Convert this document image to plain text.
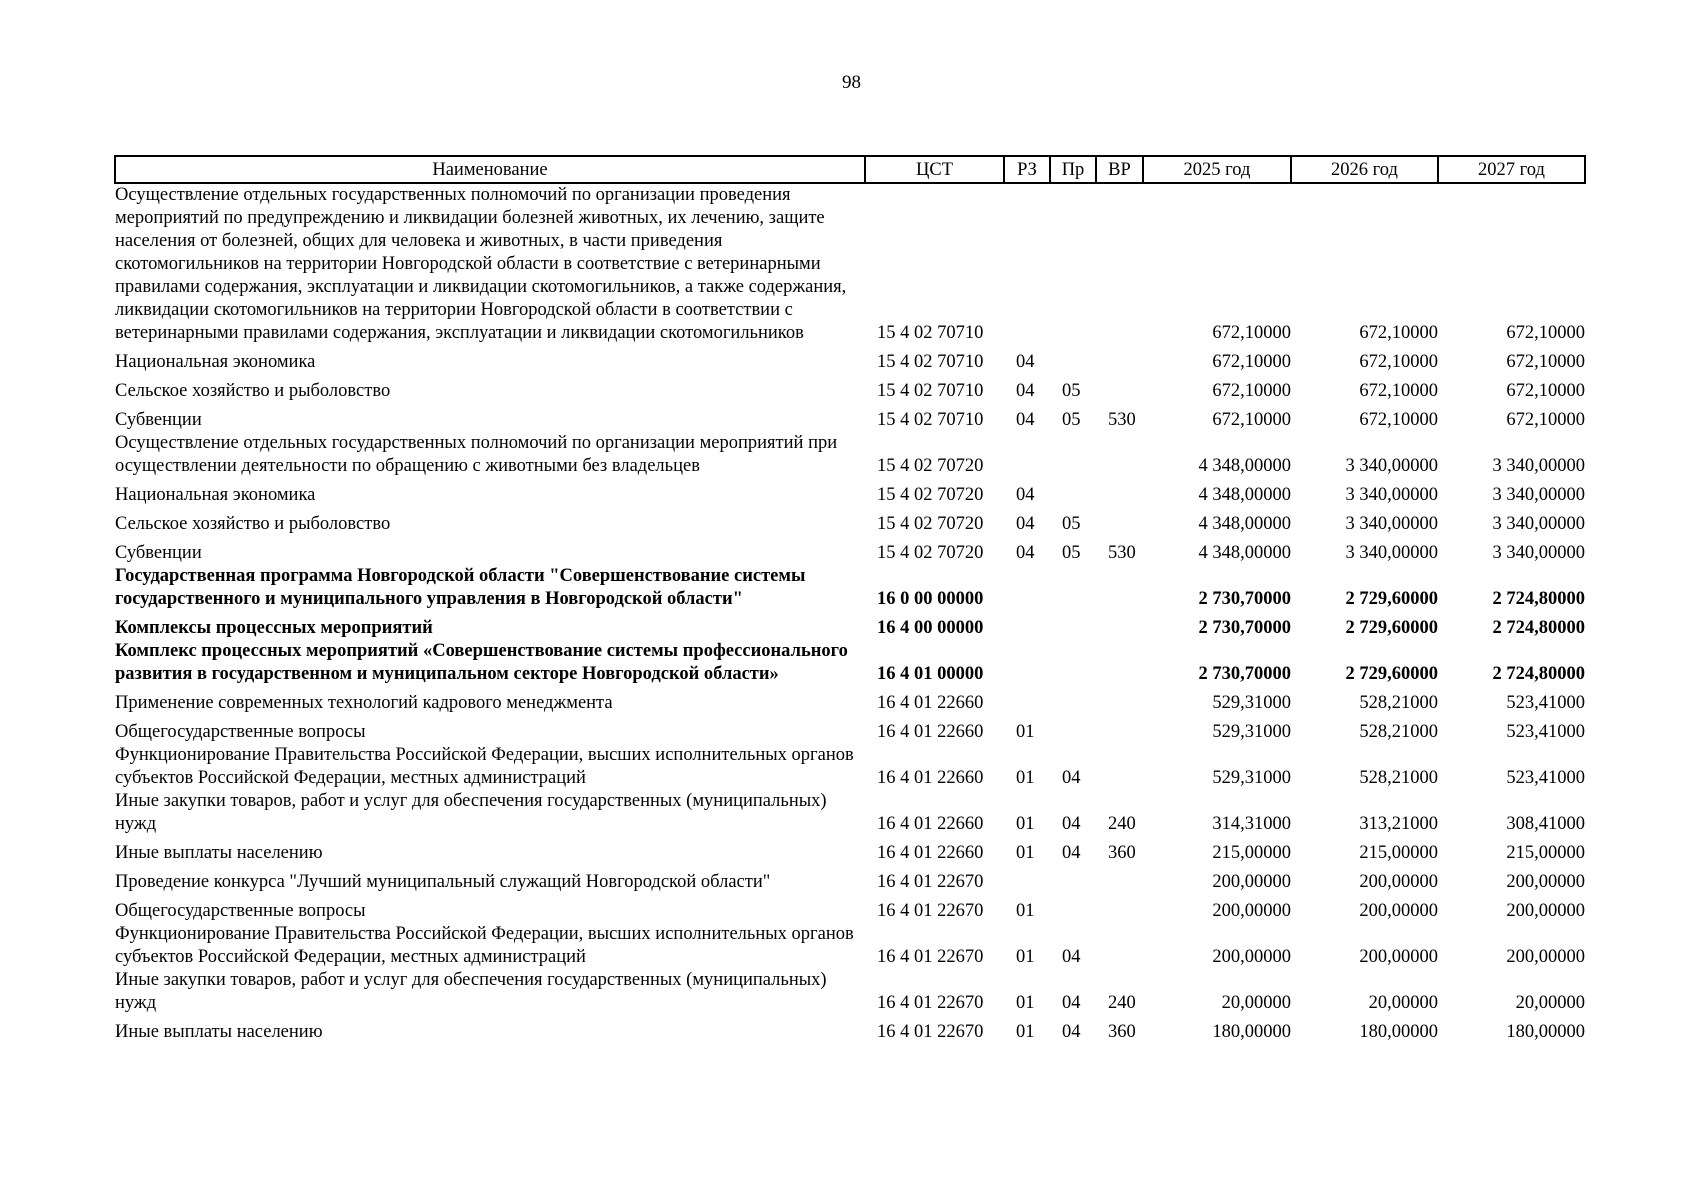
98
Наименование	ЦСТ	РЗ	Пр	ВР	2025 год	2026 год	2027 год
Осуществление отдельных государственных полномочий по организации проведения мероприятий по предупреждению и ликвидации болезней животных, их лечению, защите населения от болезней, общих для человека и животных, в части приведения скотомогильников на территории Новгородской области в соответствие с ветеринарными правилами содержания, эксплуатации и ликвидации скотомогильников, а также содержания, ликвидации скотомогильников на территории Новгородской области в соответствии с ветеринарными правилами содержания, эксплуатации и ликвидации скотомогильников	15 4 02 70710				672,10000	672,10000	672,10000
Национальная экономика	15 4 02 70710	04			672,10000	672,10000	672,10000
Сельское хозяйство и рыболовство	15 4 02 70710	04	05		672,10000	672,10000	672,10000
Субвенции	15 4 02 70710	04	05	530	672,10000	672,10000	672,10000
Осуществление отдельных государственных полномочий по организации мероприятий при осуществлении деятельности по обращению с животными без владельцев	15 4 02 70720				4 348,00000	3 340,00000	3 340,00000
Национальная экономика	15 4 02 70720	04			4 348,00000	3 340,00000	3 340,00000
Сельское хозяйство и рыболовство	15 4 02 70720	04	05		4 348,00000	3 340,00000	3 340,00000
Субвенции	15 4 02 70720	04	05	530	4 348,00000	3 340,00000	3 340,00000
Государственная программа Новгородской области "Совершенствование системы государственного и муниципального управления в Новгородской области"	16 0 00 00000				2 730,70000	2 729,60000	2 724,80000
Комплексы процессных мероприятий	16 4 00 00000				2 730,70000	2 729,60000	2 724,80000
Комплекс процессных мероприятий «Совершенствование системы профессионального развития в государственном и муниципальном секторе Новгородской области»	16 4 01 00000				2 730,70000	2 729,60000	2 724,80000
Применение современных технологий кадрового менеджмента	16 4 01 22660				529,31000	528,21000	523,41000
Общегосударственные вопросы	16 4 01 22660	01			529,31000	528,21000	523,41000
Функционирование Правительства Российской Федерации, высших исполнительных органов субъектов Российской Федерации, местных администраций	16 4 01 22660	01	04		529,31000	528,21000	523,41000
Иные закупки товаров, работ и услуг для обеспечения государственных (муниципальных) нужд	16 4 01 22660	01	04	240	314,31000	313,21000	308,41000
Иные выплаты населению	16 4 01 22660	01	04	360	215,00000	215,00000	215,00000
Проведение конкурса "Лучший муниципальный служащий Новгородской области"	16 4 01 22670				200,00000	200,00000	200,00000
Общегосударственные вопросы	16 4 01 22670	01			200,00000	200,00000	200,00000
Функционирование Правительства Российской Федерации, высших исполнительных органов субъектов Российской Федерации, местных администраций	16 4 01 22670	01	04		200,00000	200,00000	200,00000
Иные закупки товаров, работ и услуг для обеспечения государственных (муниципальных) нужд	16 4 01 22670	01	04	240	20,00000	20,00000	20,00000
Иные выплаты населению	16 4 01 22670	01	04	360	180,00000	180,00000	180,00000
